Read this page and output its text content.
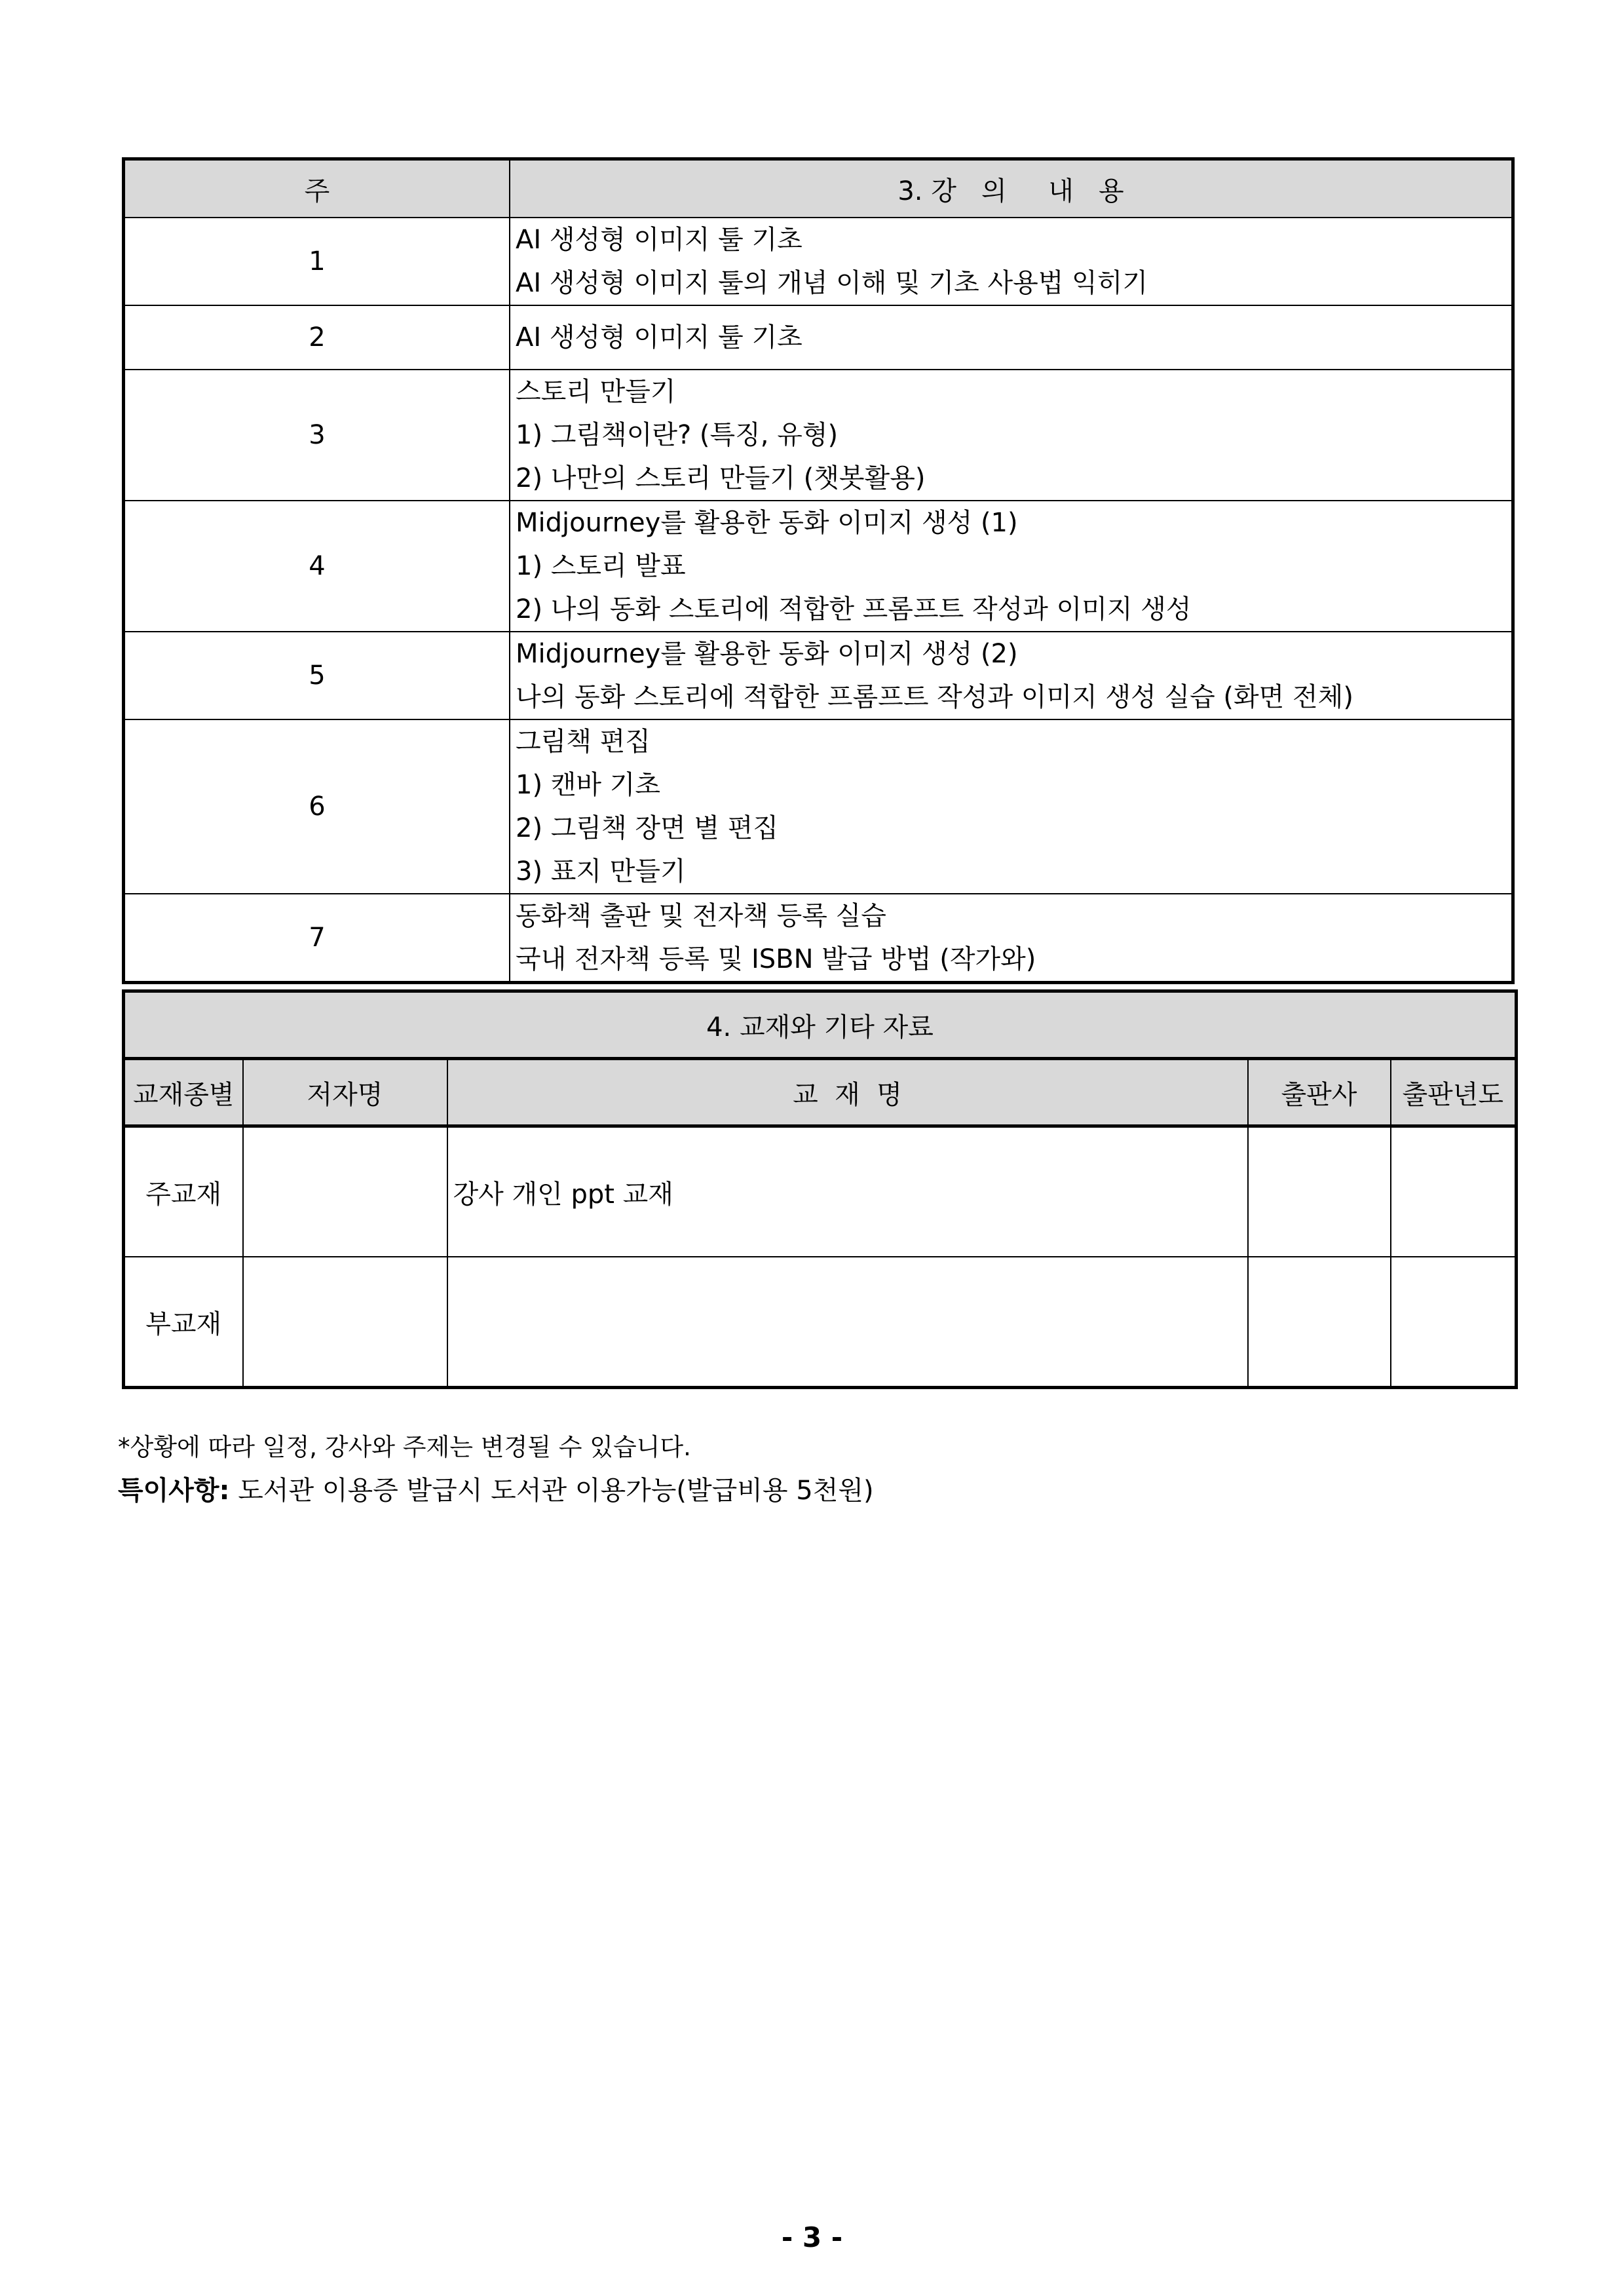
주	3. 강   의     내   용
1	AI 생성형 이미지 툴 기초
AI 생성형 이미지 툴의 개념 이해 및 기초 사용법 익히기

2	AI 생성형 이미지 툴 기초

3	스토리 만들기
1) 그림책이란? (특징, 유형)
2) 나만의 스토리 만들기 (챗봇활용)

4	Midjourney를 활용한 동화 이미지 생성 (1)
1) 스토리 발표
2) 나의 동화 스토리에 적합한 프롬프트 작성과 이미지 생성

5	Midjourney를 활용한 동화 이미지 생성 (2)
나의 동화 스토리에 적합한 프롬프트 작성과 이미지 생성 실습 (화면 전체)

6	그림책 편집
1) 캔바 기초
2) 그림책 장면 별 편집
3) 표지 만들기

7	동화책 출판 및 전자책 등록 실습
국내 전자책 등록 및 ISBN 발급 방법 (작가와)
4. 교재와 기타 자료				
교재종별	저자명	교  재  명	출판사	출판년도
주교재		강사 개인 ppt 교재		
부교재				
*상황에 따라 일정, 강사와 주제는 변경될 수 있습니다.
특이사항: 도서관 이용증 발급시 도서관 이용가능(발급비용 5천원)
- 3 -
